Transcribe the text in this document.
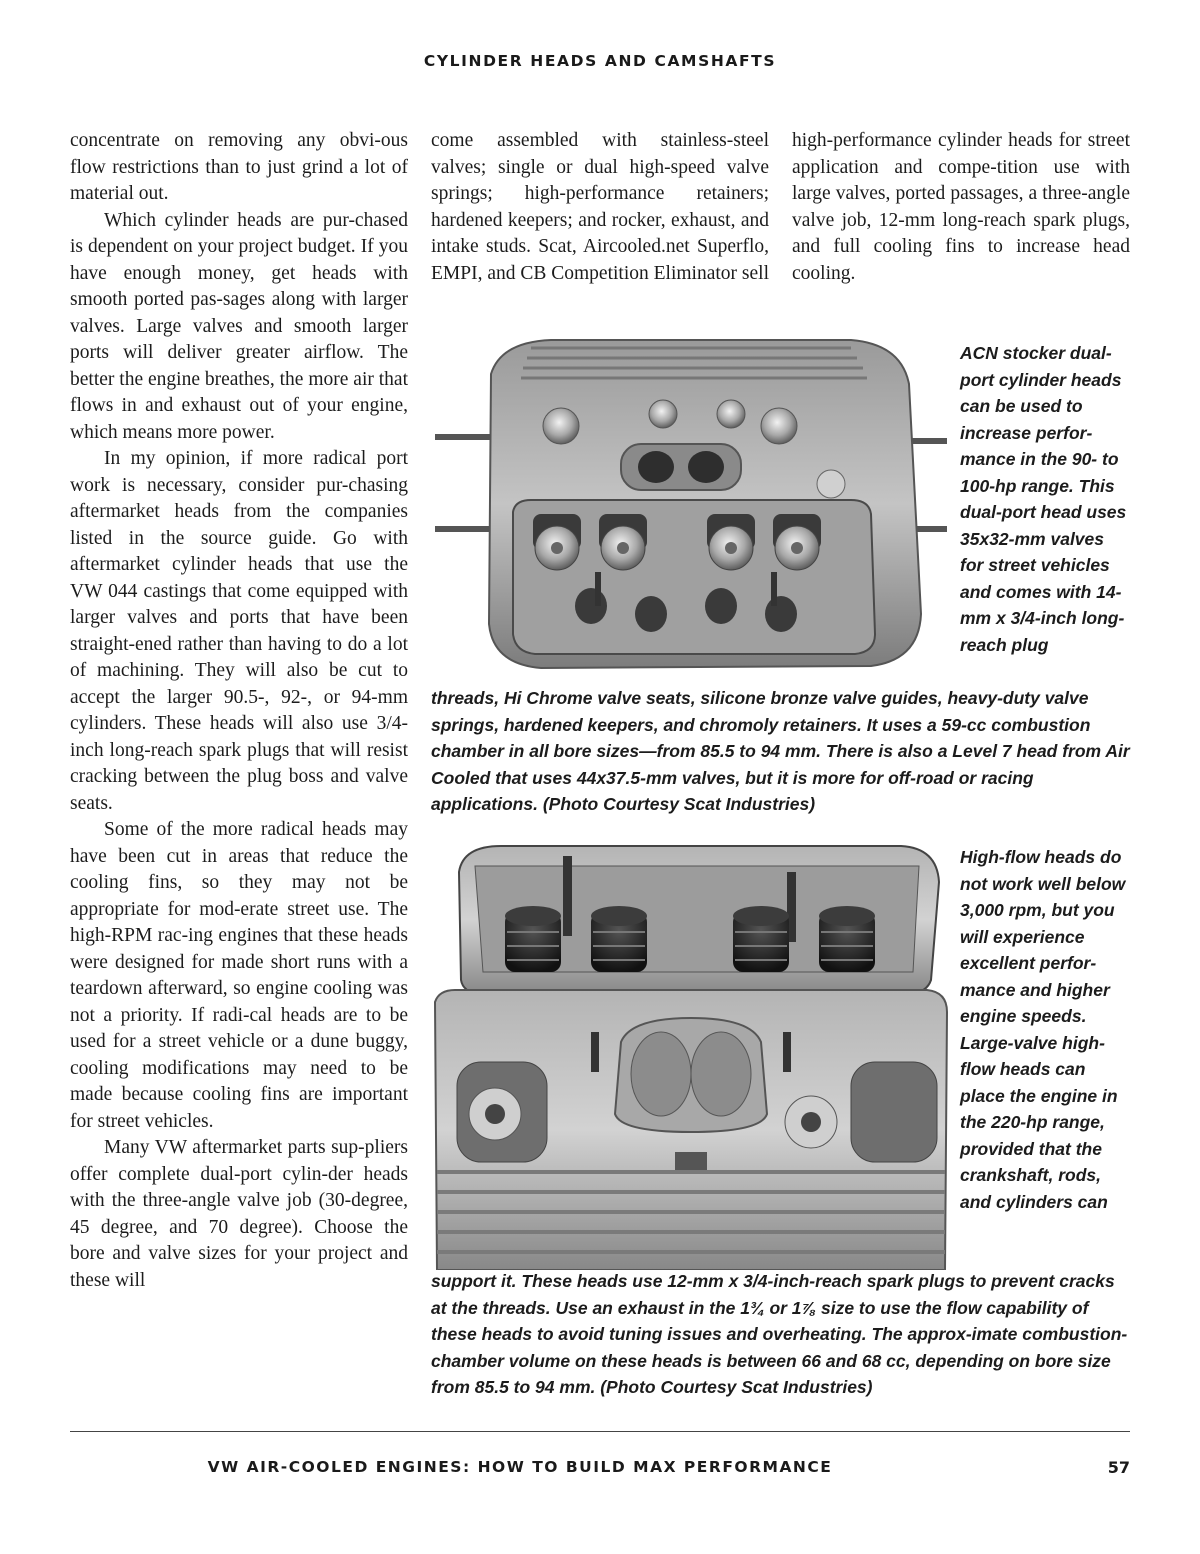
CYLINDER HEADS AND CAMSHAFTS

concentrate on removing any obvi-ous flow restrictions than to just grind a lot of material out.

Which cylinder heads are pur-chased is dependent on your project budget. If you have enough money, get heads with smooth ported pas-sages along with larger valves. Large valves and smooth larger ports will deliver greater airflow. The better the engine breathes, the more air that flows in and exhaust out of your engine, which means more power.

In my opinion, if more radical port work is necessary, consider pur-chasing aftermarket heads from the companies listed in the source guide. Go with aftermarket cylinder heads that use the VW 044 castings that come equipped with larger valves and ports that have been straight-ened rather than having to do a lot of machining. They will also be cut to accept the larger 90.5-, 92-, or 94-mm cylinders. These heads will also use 3/4-inch long-reach spark plugs that will resist cracking between the plug boss and valve seats.

Some of the more radical heads may have been cut in areas that reduce the cooling fins, so they may not be appropriate for mod-erate street use. The high-RPM rac-ing engines that these heads were designed for made short runs with a teardown afterward, so engine cooling was not a priority. If radi-cal heads are to be used for a street vehicle or a dune buggy, cooling modifications may need to be made because cooling fins are important for street vehicles.

Many VW aftermarket parts sup-pliers offer complete dual-port cylin-der heads with the three-angle valve job (30-degree, 45 degree, and 70 degree). Choose the bore and valve sizes for your project and these will

come assembled with stainless-steel valves; single or dual high-speed valve springs; high-performance retainers; hardened keepers; and rocker, exhaust, and intake studs. Scat, Aircooled.net Superflo, EMPI, and CB Competition Eliminator sell

high-performance cylinder heads for street application and compe-tition use with large valves, ported passages, a three-angle valve job, 12-mm long-reach spark plugs, and full cooling fins to increase head cooling.

ACN stocker dual-port cylinder heads can be used to increase perfor-mance in the 90- to 100-hp range. This dual-port head uses 35x32-mm valves for street vehicles and comes with 14-mm x 3/4-inch long-reach plug
threads, Hi Chrome valve seats, silicone bronze valve guides, heavy-duty valve springs, hardened keepers, and chromoly retainers. It uses a 59-cc combustion chamber in all bore sizes—from 85.5 to 94 mm. There is also a Level 7 head from Air Cooled that uses 44x37.5-mm valves, but it is more for off-road or racing applications. (Photo Courtesy Scat Industries)
High-flow heads do not work well below 3,000 rpm, but you will experience excellent perfor-mance and higher engine speeds. Large-valve high-flow heads can place the engine in the 220-hp range, provided that the crankshaft, rods, and cylinders can
support it. These heads use 12-mm x 3/4-inch-reach spark plugs to prevent cracks at the threads. Use an exhaust in the 1¾ or 1⅞ size to use the flow capability of these heads to avoid tuning issues and overheating. The approx-imate combustion-chamber volume on these heads is between 66 and 68 cc, depending on bore size from 85.5 to 94 mm. (Photo Courtesy Scat Industries)
VW AIR-COOLED ENGINES: HOW TO BUILD MAX PERFORMANCE	57
